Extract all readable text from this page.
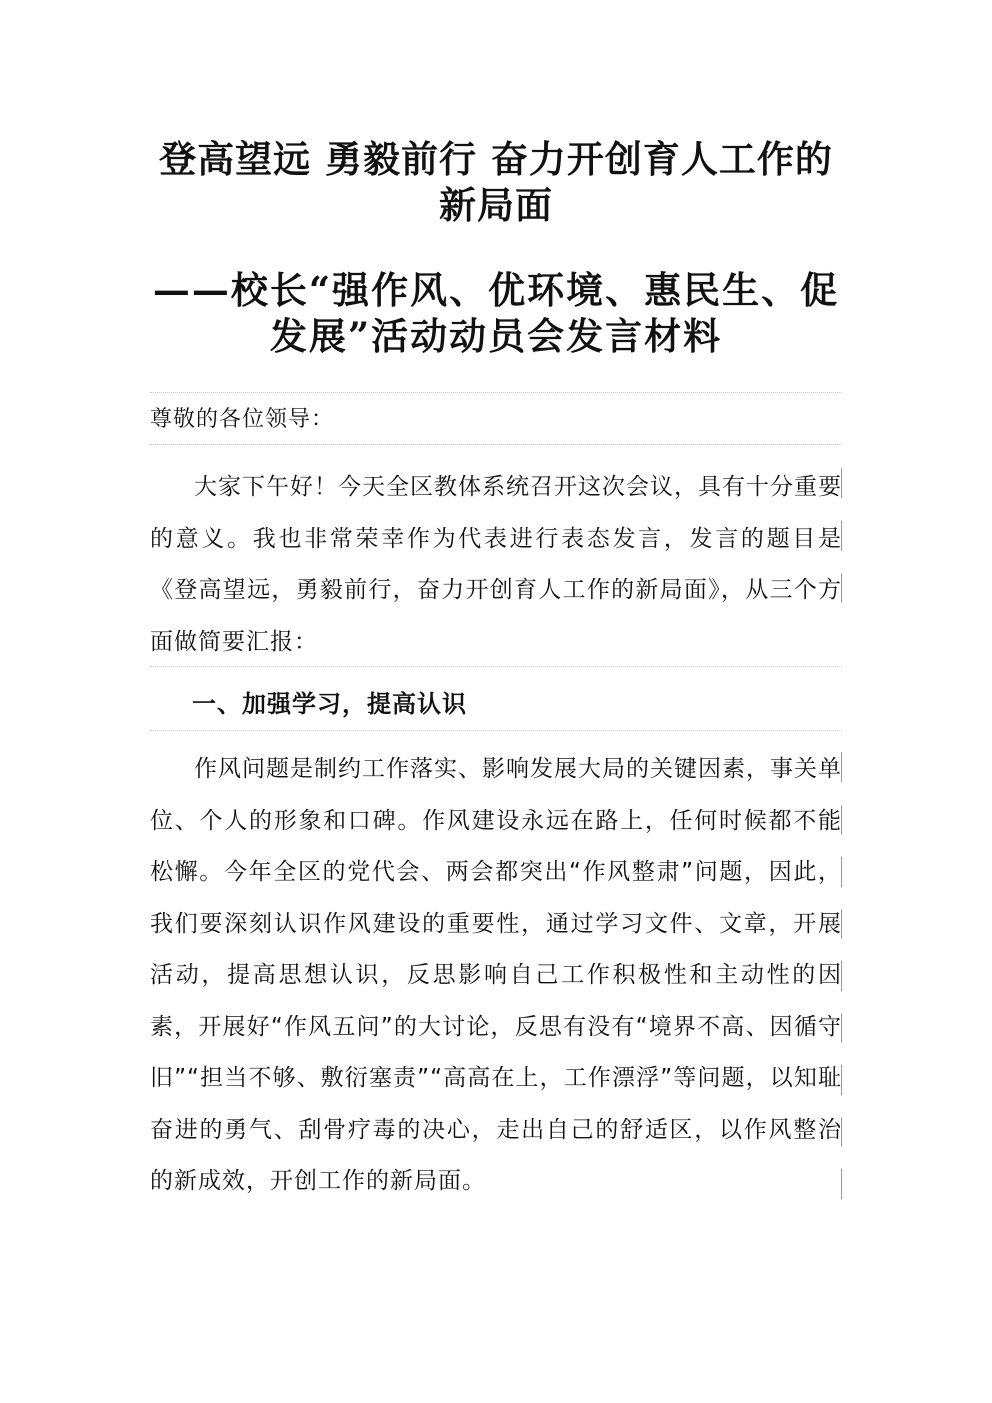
登高望远 勇毅前行 奋力开创育人工作的新局面
——校长“强作风、优环境、惠民生、促发展”活动动员会发言材料
尊敬的各位领导：

大家下午好！今天全区教体系统召开这次会议，具有十分重要的意义。我也非常荣幸作为代表进行表态发言，发言的题目是《登高望远，勇毅前行，奋力开创育人工作的新局面》，从三个方面做简要汇报：

一、加强学习，提高认识

作风问题是制约工作落实、影响发展大局的关键因素，事关单位、个人的形象和口碑。作风建设永远在路上，任何时候都不能松懈。今年全区的党代会、两会都突出“作风整肃”问题，因此，我们要深刻认识作风建设的重要性，通过学习文件、文章，开展活动，提高思想认识，反思影响自己工作积极性和主动性的因素，开展好“作风五问”的大讨论，反思有没有“境界不高、因循守旧”“担当不够、敷衍塞责”“高高在上，工作漂浮”等问题，以知耻奋进的勇气、刮骨疗毒的决心，走出自己的舒适区，以作风整治的新成效，开创工作的新局面。
